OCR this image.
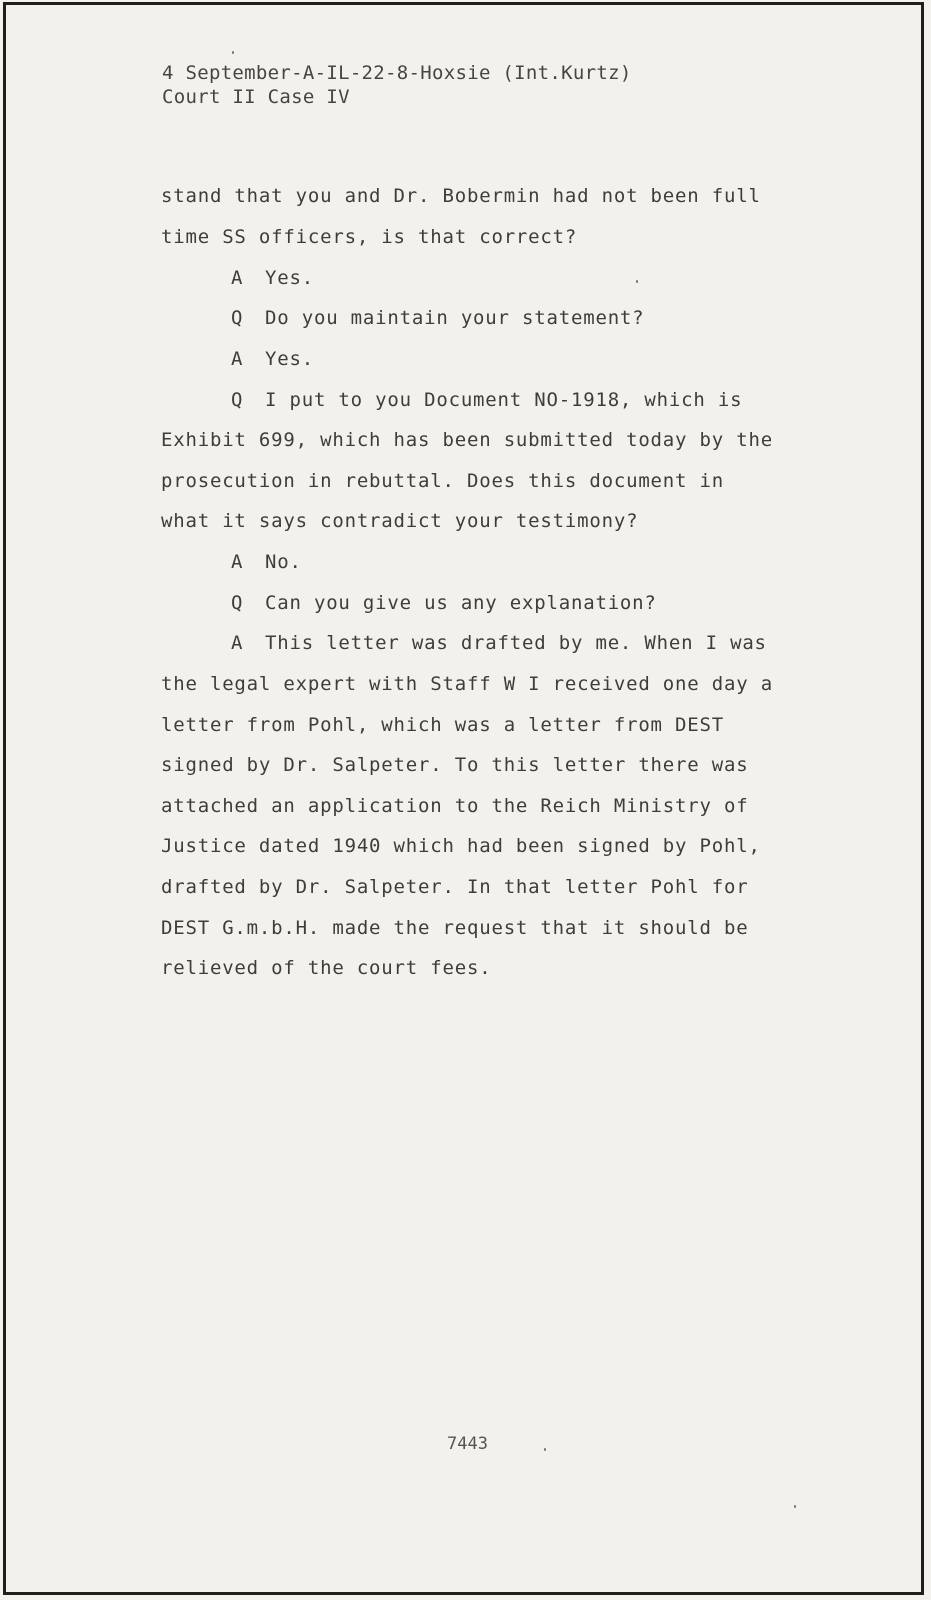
4 September-A-IL-22-8-Hoxsie (Int.Kurtz)
Court II Case IV
stand that you and Dr. Bobermin had not been full
time SS officers, is that correct?
A Yes.
Q Do you maintain your statement?
A Yes.
Q I put to you Document NO-1918, which is
Exhibit 699, which has been submitted today by the
prosecution in rebuttal. Does this document in
what it says contradict your testimony?
A No.
Q Can you give us any explanation?
A This letter was drafted by me. When I was
the legal expert with Staff W I received one day a
letter from Pohl, which was a letter from DEST
signed by Dr. Salpeter. To this letter there was
attached an application to the Reich Ministry of
Justice dated 1940 which had been signed by Pohl,
drafted by Dr. Salpeter. In that letter Pohl for
DEST G.m.b.H. made the request that it should be
relieved of the court fees.
7443
